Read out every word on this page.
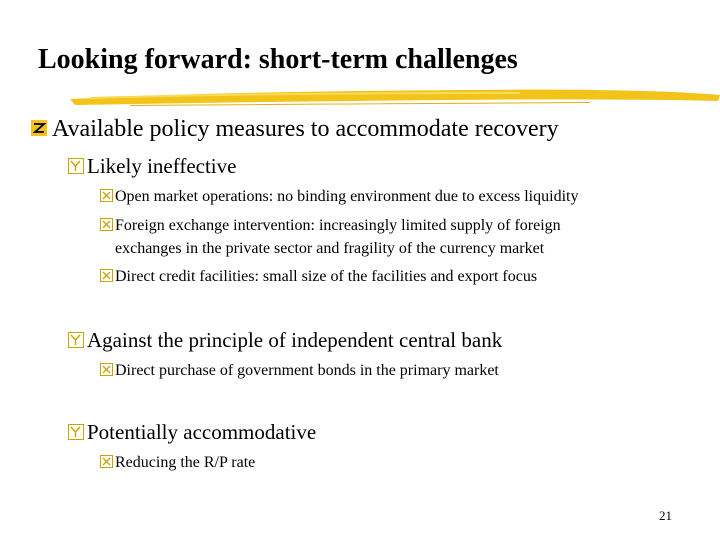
Looking forward: short-term challenges
Available policy measures to accommodate recovery
Likely ineffective
Open market operations: no binding environment due to excess liquidity
Foreign exchange intervention: increasingly limited supply of foreign
exchanges in the private sector and fragility of the currency market
Direct credit facilities: small size of the facilities and export focus
Against the principle of independent central bank
Direct purchase of government bonds in the primary market
Potentially accommodative
Reducing the R/P rate
21
